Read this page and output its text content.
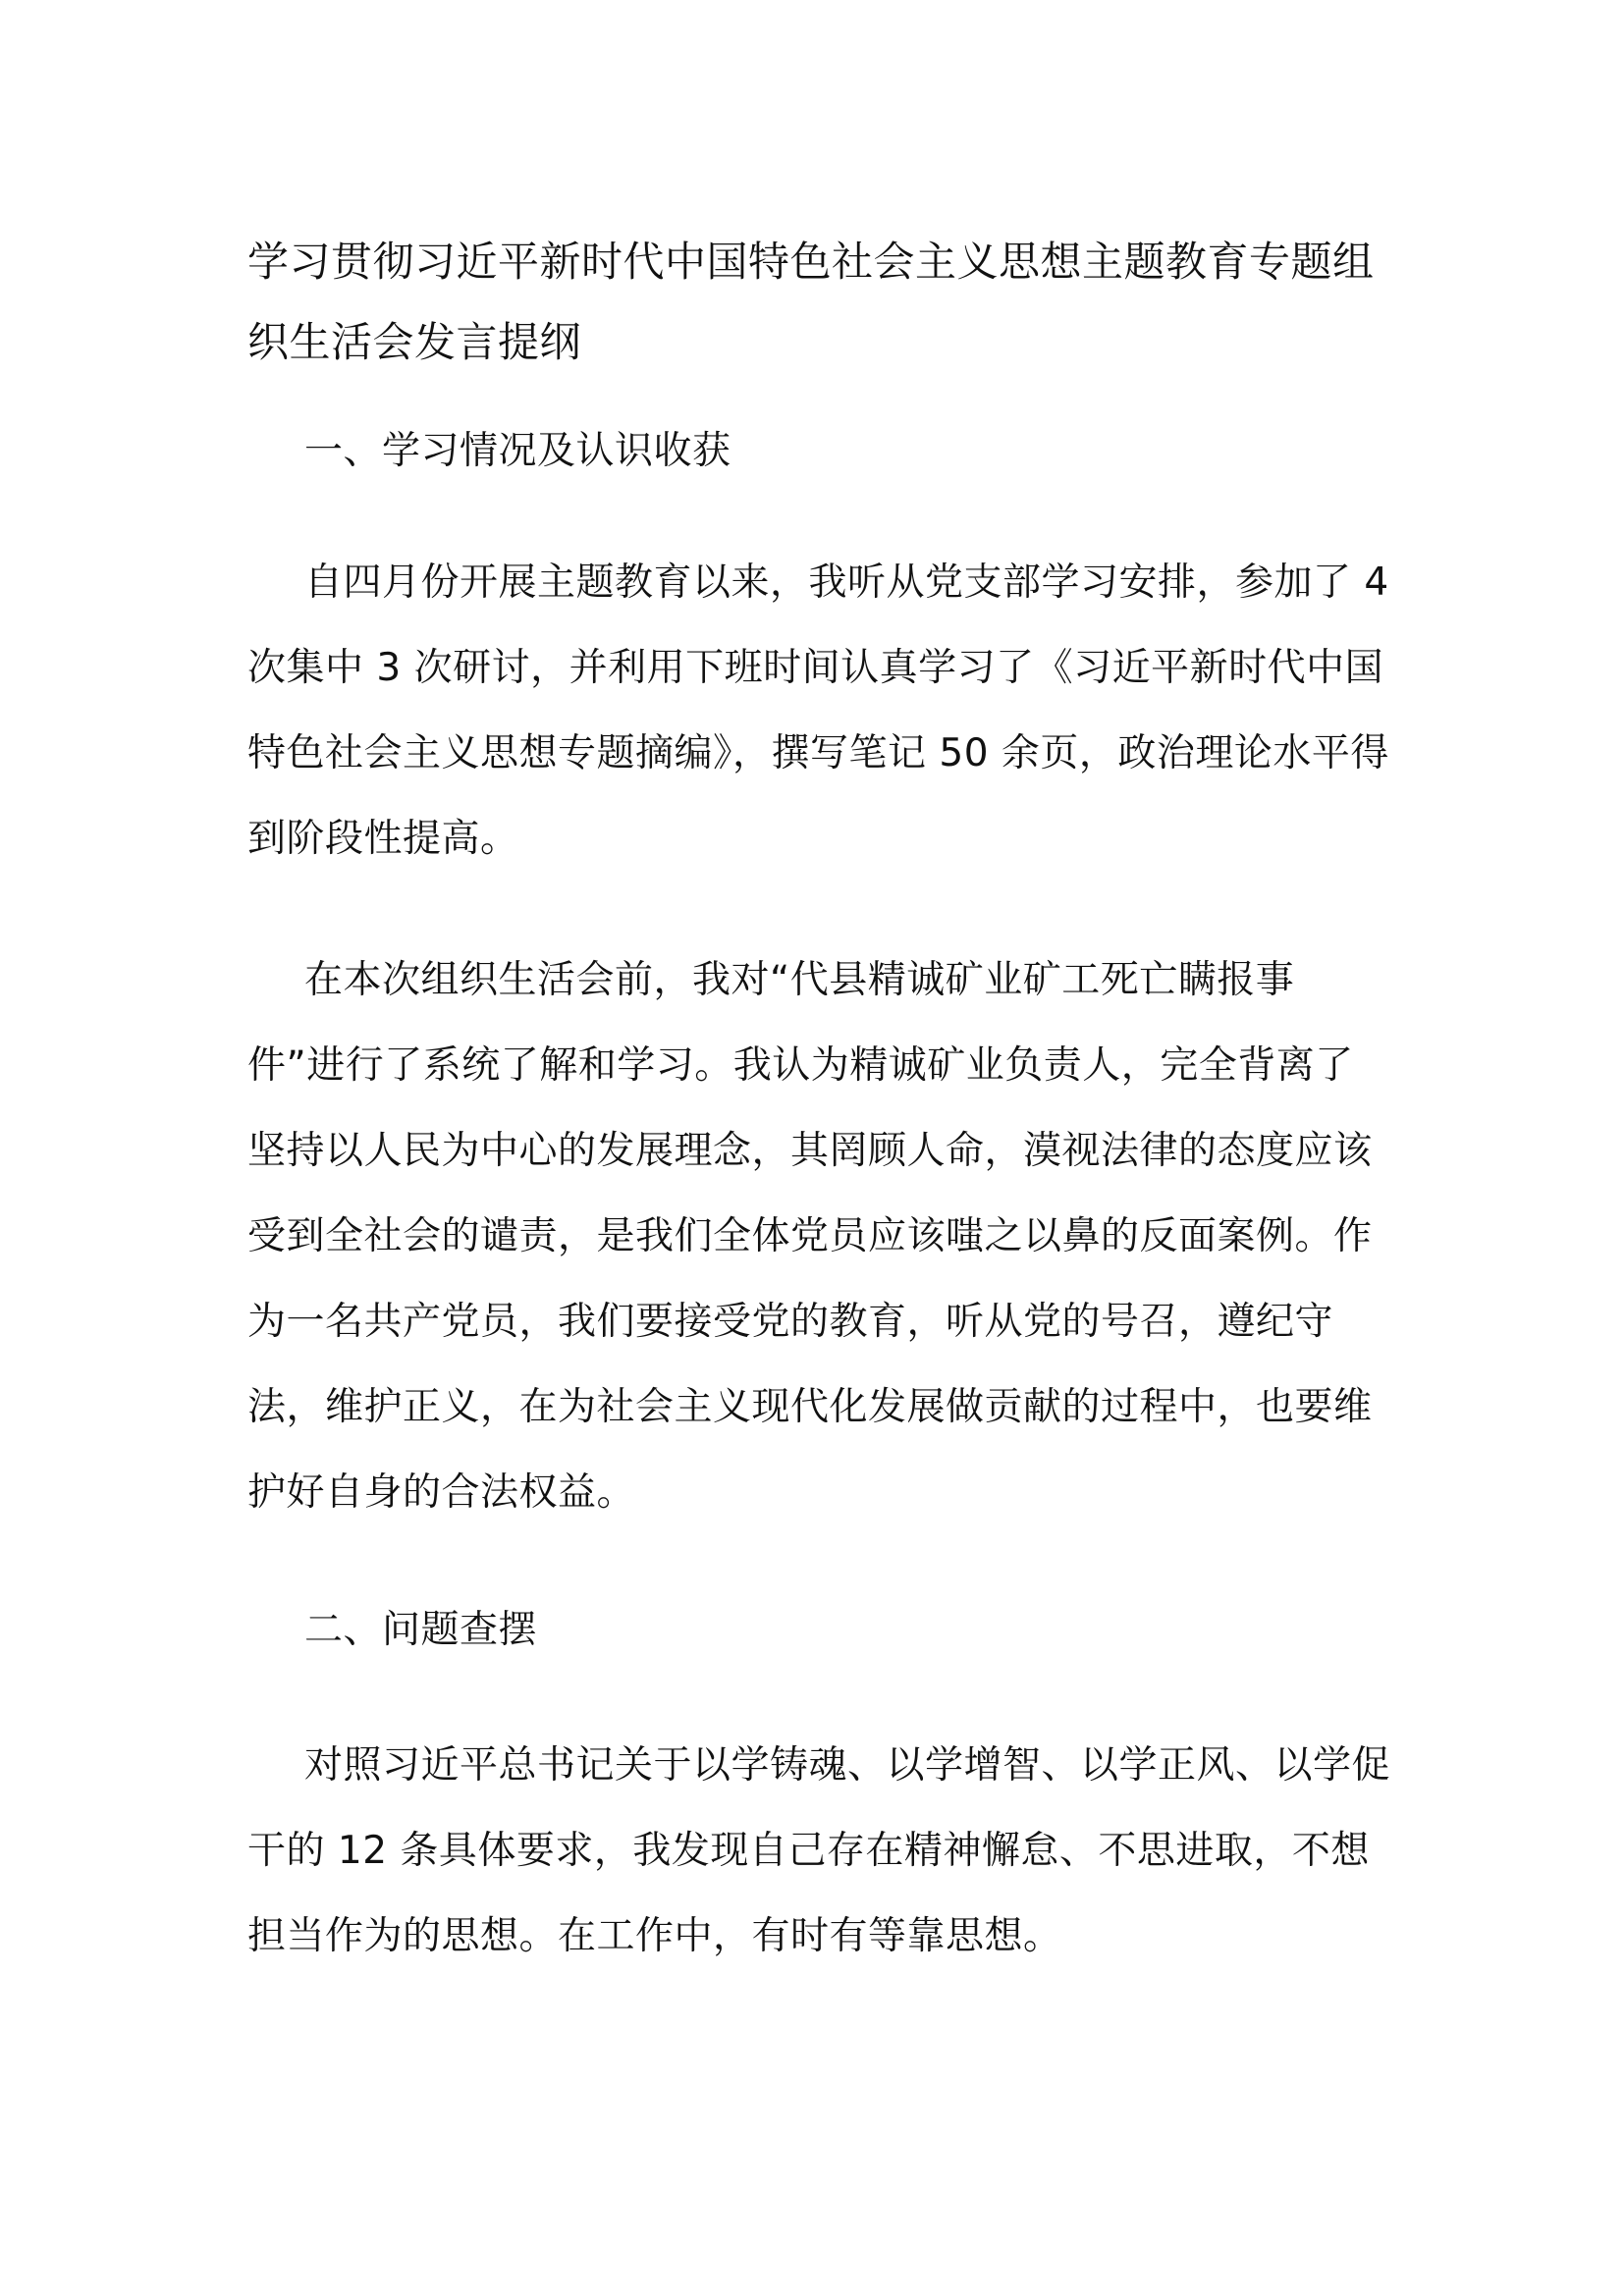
学习贯彻习近平新时代中国特色社会主义思想主题教育专题组织生活会发言提纲

一、学习情况及认识收获

自四月份开展主题教育以来，我听从党支部学习安排，参加了 4 次集中 3 次研讨，并利用下班时间认真学习了《习近平新时代中国特色社会主义思想专题摘编》，撰写笔记 50 余页，政治理论水平得到阶段性提高。

在本次组织生活会前，我对“代县精诚矿业矿工死亡瞒报事件”进行了系统了解和学习。我认为精诚矿业负责人，完全背离了坚持以人民为中心的发展理念，其罔顾人命，漠视法律的态度应该受到全社会的谴责，是我们全体党员应该嗤之以鼻的反面案例。作为一名共产党员，我们要接受党的教育，听从党的号召，遵纪守法，维护正义，在为社会主义现代化发展做贡献的过程中，也要维护好自身的合法权益。

二、问题查摆

对照习近平总书记关于以学铸魂、以学增智、以学正风、以学促干的 12 条具体要求，我发现自己存在精神懈怠、不思进取，不想担当作为的思想。在工作中，有时有等靠思想。
